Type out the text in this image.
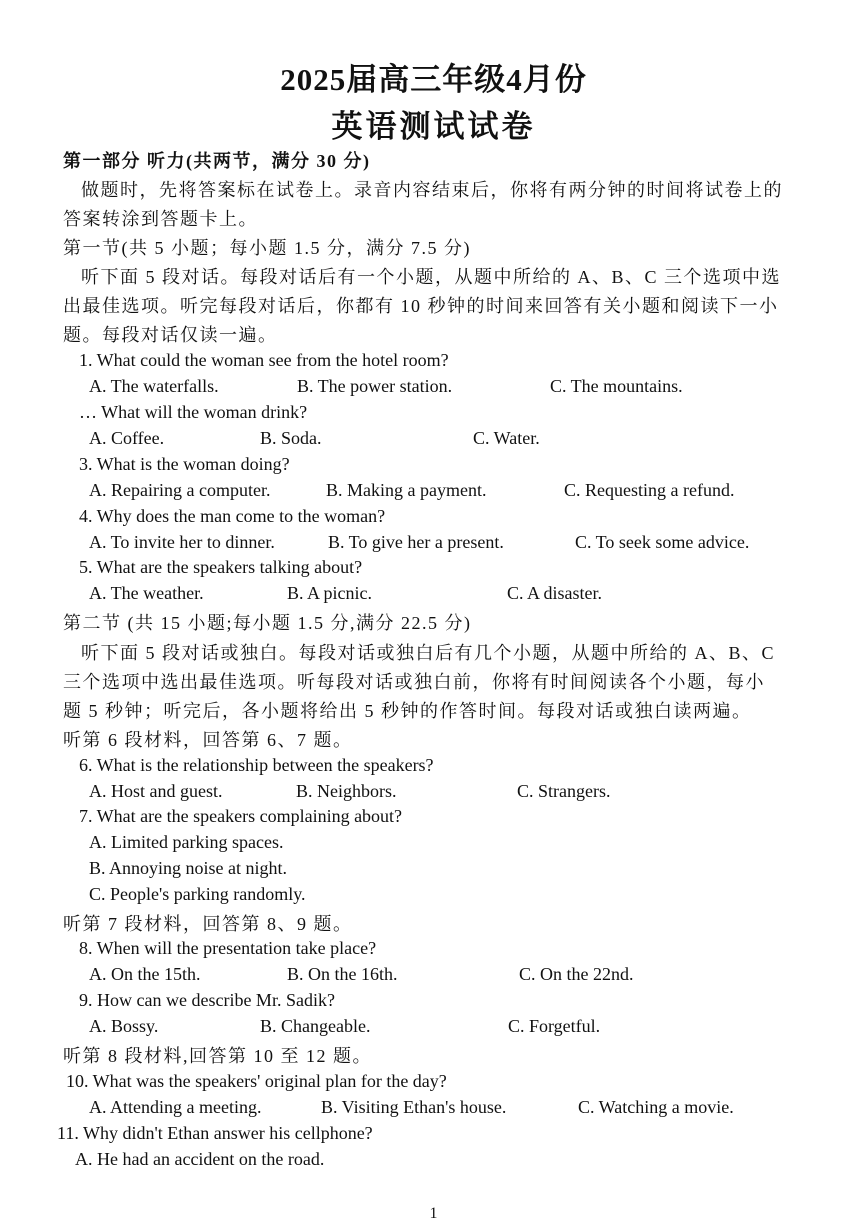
2025届高三年级4月份
英语测试试卷
第一部分 听力(共两节，满分 30 分)
做题时，先将答案标在试卷上。录音内容结束后，你将有两分钟的时间将试卷上的
答案转涂到答题卡上。
第一节(共 5 小题；每小题 1.5 分，满分 7.5 分)
听下面 5 段对话。每段对话后有一个小题，从题中所给的 A、B、C 三个选项中选
出最佳选项。听完每段对话后，你都有 10 秒钟的时间来回答有关小题和阅读下一小
题。每段对话仅读一遍。
1. What could the woman see from the hotel room?
A. The waterfalls.	B. The power station.	C. The mountains.
… What will the woman drink?
A. Coffee.	B. Soda.	C. Water.
3. What is the woman doing?
A. Repairing a computer.	B. Making a payment.	C. Requesting a refund.
4. Why does the man come to the woman?
A. To invite her to dinner.	B. To give her a present.	C. To seek some advice.
5. What are the speakers talking about?
A. The weather.	B. A picnic.	C. A disaster.
第二节 (共 15 小题;每小题 1.5 分,满分 22.5 分)
听下面 5 段对话或独白。每段对话或独白后有几个小题，从题中所给的 A、B、C
三个选项中选出最佳选项。听每段对话或独白前，你将有时间阅读各个小题，每小
题 5 秒钟；听完后，各小题将给出 5 秒钟的作答时间。每段对话或独白读两遍。
听第 6 段材料，回答第 6、7 题。
6. What is the relationship between the speakers?
A. Host and guest.	B. Neighbors.	C. Strangers.
7. What are the speakers complaining about?
A. Limited parking spaces.
B. Annoying noise at night.
C. People's parking randomly.
听第 7 段材料，回答第 8、9 题。
8. When will the presentation take place?
A. On the 15th.	B. On the 16th.	C. On the 22nd.
9. How can we describe Mr. Sadik?
A. Bossy.	B. Changeable.	C. Forgetful.
听第 8 段材料,回答第 10 至 12 题。
10. What was the speakers' original plan for the day?
A. Attending a meeting.	B. Visiting Ethan's house.	C. Watching a movie.
11. Why didn't Ethan answer his cellphone?
A. He had an accident on the road.
1
